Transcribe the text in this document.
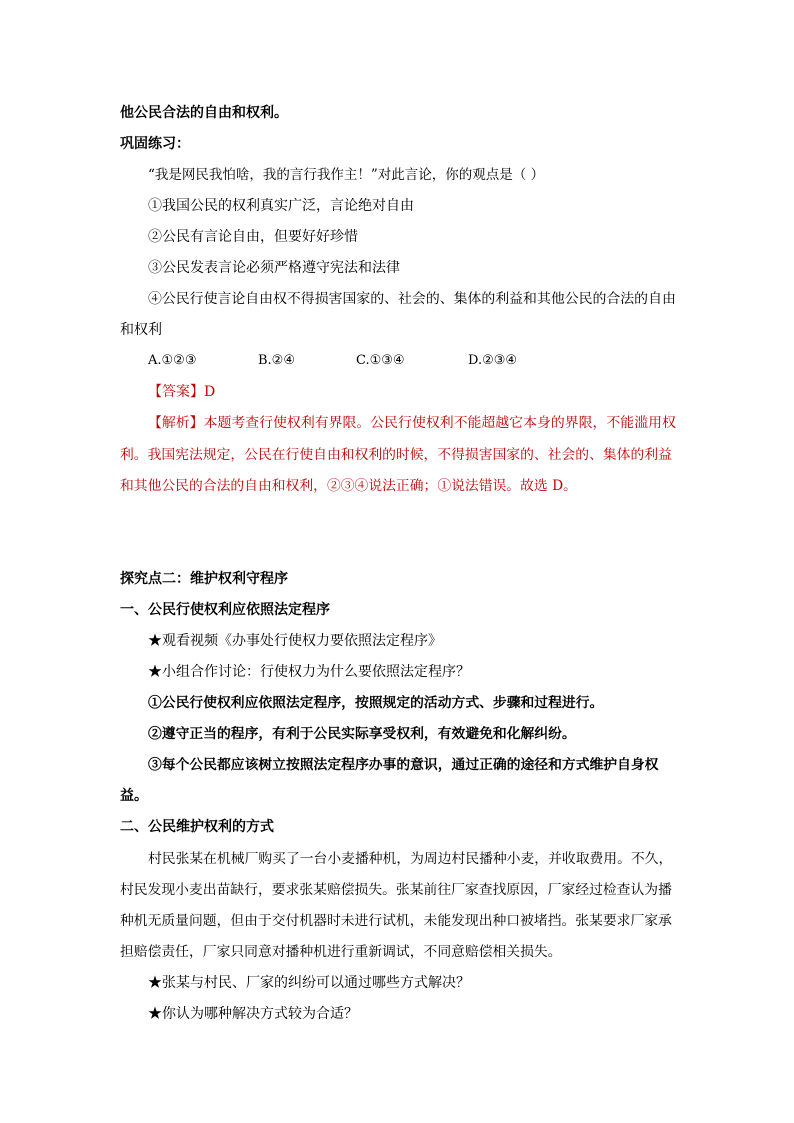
他公民合法的自由和权利。
巩固练习：
“我是网民我怕啥，我的言行我作主！”对此言论，你的观点是（ ）
①我国公民的权利真实广泛，言论绝对自由
②公民有言论自由，但要好好珍惜
③公民发表言论必须严格遵守宪法和法律
④公民行使言论自由权不得损害国家的、社会的、集体的利益和其他公民的合法的自由
和权利
A.①②③	B.②④	C.①③④	D.②③④
【答案】D
【解析】本题考查行使权利有界限。公民行使权利不能超越它本身的界限，不能滥用权
利。我国宪法规定，公民在行使自由和权利的时候，不得损害国家的、社会的、集体的利益
和其他公民的合法的自由和权利，②③④说法正确；①说法错误。故选 D。
探究点二：维护权利守程序
一、公民行使权利应依照法定程序
★观看视频《办事处行使权力要依照法定程序》
★小组合作讨论：行使权力为什么要依照法定程序？
①公民行使权利应依照法定程序，按照规定的活动方式、步骤和过程进行。
②遵守正当的程序，有利于公民实际享受权利，有效避免和化解纠纷。
③每个公民都应该树立按照法定程序办事的意识，通过正确的途径和方式维护自身权
益。
二、公民维护权利的方式
村民张某在机械厂购买了一台小麦播种机，为周边村民播种小麦，并收取费用。不久，
村民发现小麦出苗缺行，要求张某赔偿损失。张某前往厂家查找原因，厂家经过检查认为播
种机无质量问题，但由于交付机器时未进行试机，未能发现出种口被堵挡。张某要求厂家承
担赔偿责任，厂家只同意对播种机进行重新调试，不同意赔偿相关损失。
★张某与村民、厂家的纠纷可以通过哪些方式解决？
★你认为哪种解决方式较为合适？
